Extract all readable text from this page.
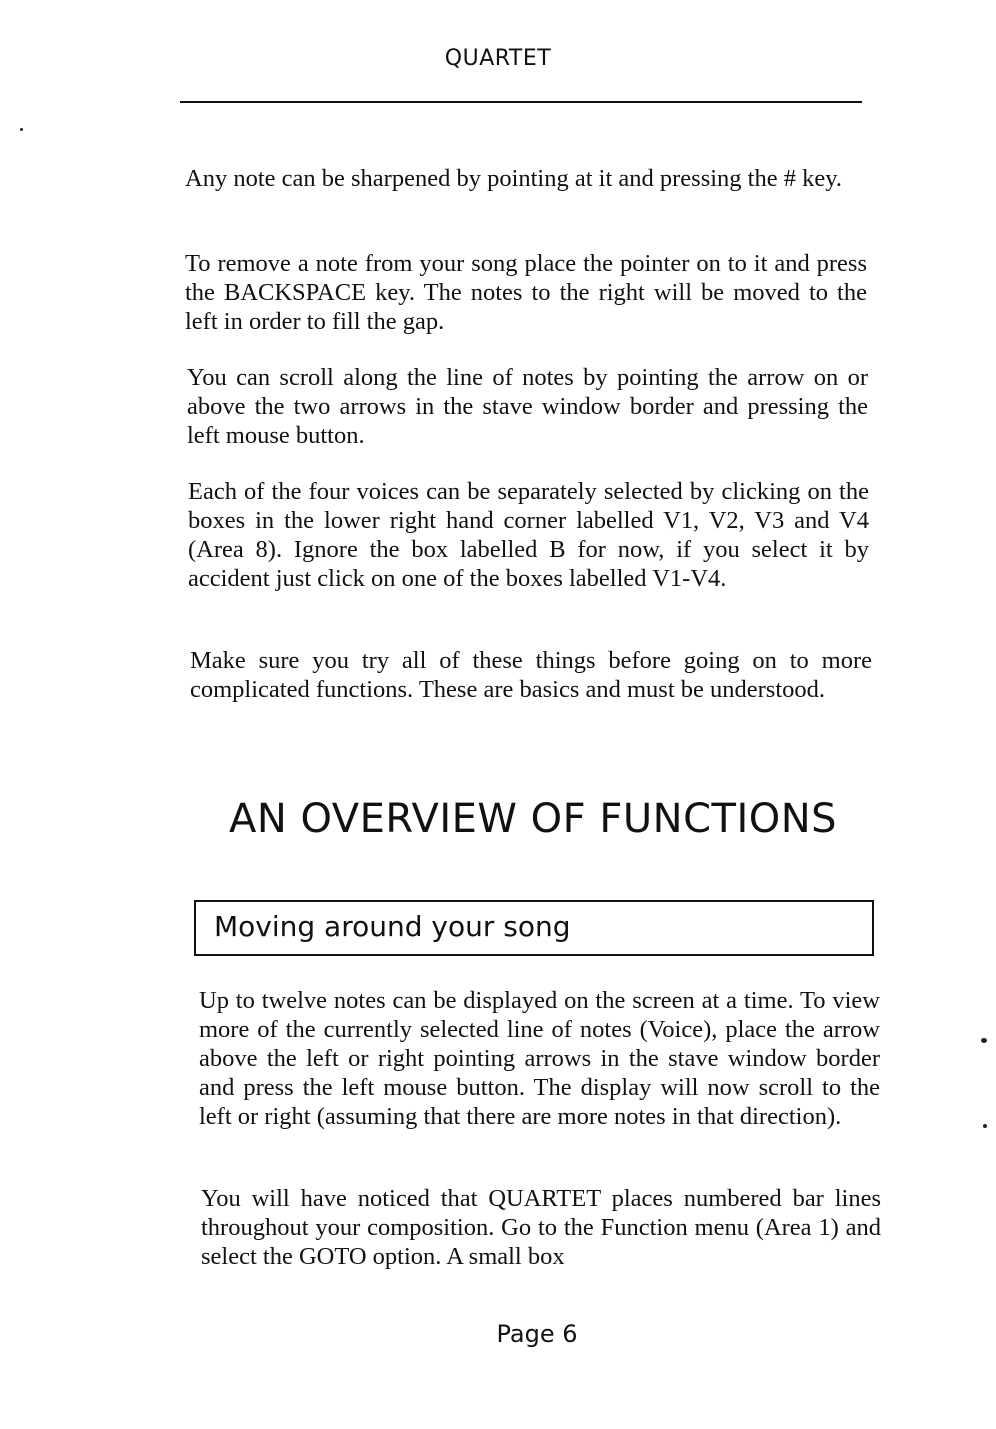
QUARTET

Any note can be sharpened by pointing at it and pressing the # key.

To remove a note from your song place the pointer on to it and press the BACKSPACE key. The notes to the right will be moved to the left in order to fill the gap.

You can scroll along the line of notes by pointing the arrow on or above the two arrows in the stave window border and pressing the left mouse button.

Each of the four voices can be separately selected by clicking on the boxes in the lower right hand corner labelled V1, V2, V3 and V4 (Area 8). Ignore the box labelled B for now, if you select it by accident just click on one of the boxes labelled V1-V4.

Make sure you try all of these things before going on to more complicated functions. These are basics and must be understood.

AN OVERVIEW OF FUNCTIONS
Moving around your song

Up to twelve notes can be displayed on the screen at a time. To view more of the currently selected line of notes (Voice), place the arrow above the left or right pointing arrows in the stave window border and press the left mouse button. The display will now scroll to the left or right (assuming that there are more notes in that direction).

You will have noticed that QUARTET places numbered bar lines throughout your composition. Go to the Function menu (Area 1) and select the GOTO option. A small box

Page 6
